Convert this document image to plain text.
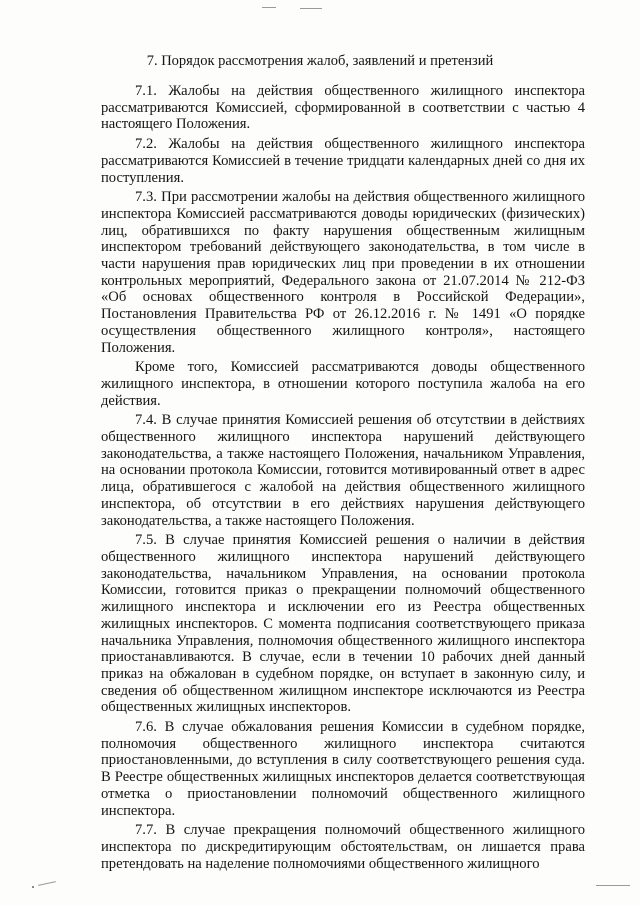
7. Порядок рассмотрения жалоб, заявлений и претензий

7.1. Жалобы на действия общественного жилищного инспектора рассматриваются Комиссией, сформированной в соответствии с частью 4 настоящего Положения.

7.2. Жалобы на действия общественного жилищного инспектора рассматриваются Комиссией в течение тридцати календарных дней со дня их поступления.

7.3. При рассмотрении жалобы на действия общественного жилищного инспектора Комиссией рассматриваются доводы юридических (физических) лиц, обратившихся по факту нарушения общественным жилищным инспектором требований действующего законодательства, в том числе в части нарушения прав юридических лиц при проведении в их отношении контрольных мероприятий, Федерального закона от 21.07.2014 № 212-ФЗ «Об основах общественного контроля в Российской Федерации», Постановления Правительства РФ от 26.12.2016 г. № 1491 «О порядке осуществления общественного жилищного контроля», настоящего Положения.

Кроме того, Комиссией рассматриваются доводы общественного жилищного инспектора, в отношении которого поступила жалоба на его действия.

7.4. В случае принятия Комиссией решения об отсутствии в действиях общественного жилищного инспектора нарушений действующего законодательства, а также настоящего Положения, начальником Управления, на основании протокола Комиссии, готовится мотивированный ответ в адрес лица, обратившегося с жалобой на действия общественного жилищного инспектора, об отсутствии в его действиях нарушения действующего законодательства, а также настоящего Положения.

7.5. В случае принятия Комиссией решения о наличии в действия общественного жилищного инспектора нарушений действующего законодательства, начальником Управления, на основании протокола Комиссии, готовится приказ о прекращении полномочий общественного жилищного инспектора и исключении его из Реестра общественных жилищных инспекторов. С момента подписания соответствующего приказа начальника Управления, полномочия общественного жилищного инспектора приостанавливаются. В случае, если в течении 10 рабочих дней данный приказ на обжалован в судебном порядке, он вступает в законную силу, и сведения об общественном жилищном инспекторе исключаются из Реестра общественных жилищных инспекторов.

7.6. В случае обжалования решения Комиссии в судебном порядке, полномочия общественного жилищного инспектора считаются приостановленными, до вступления в силу соответствующего решения суда. В Реестре общественных жилищных инспекторов делается соответствующая отметка о приостановлении полномочий общественного жилищного инспектора.

7.7. В случае прекращения полномочий общественного жилищного инспектора по дискредитирующим обстоятельствам, он лишается права претендовать на наделение полномочиями общественного жилищного
